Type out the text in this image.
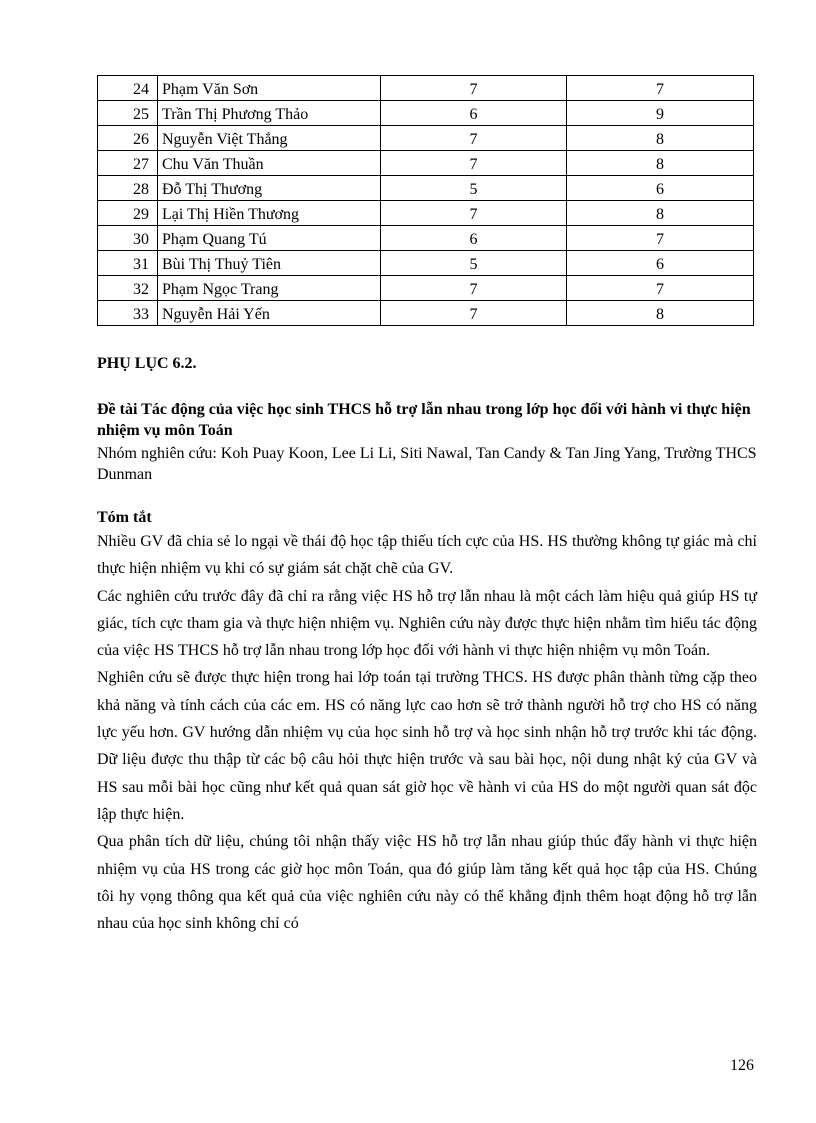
24	Phạm Văn Sơn	7	7
25	Trần Thị Phương Thảo	6	9
26	Nguyễn Việt Thắng	7	8
27	Chu Văn Thuần	7	8
28	Đỗ Thị Thương	5	6
29	Lại Thị Hiền Thương	7	8
30	Phạm Quang Tú	6	7
31	Bùi Thị Thuỷ Tiên	5	6
32	Phạm Ngọc Trang	7	7
33	Nguyễn Hải Yến	7	8
PHỤ LỤC 6.2.
Đề tài Tác động của việc học sinh THCS hỗ trợ lẫn nhau trong lớp học đối với hành vi thực hiện nhiệm vụ môn Toán
Nhóm nghiên cứu: Koh Puay Koon, Lee Li Li, Siti Nawal, Tan Candy & Tan Jing Yang, Trường THCS Dunman
Tóm tắt

Nhiều GV đã chia sẻ lo ngại về thái độ học tập thiếu tích cực của HS. HS thường không tự giác mà chỉ thực hiện nhiệm vụ khi có sự giám sát chặt chẽ của GV.

Các nghiên cứu trước đây đã chỉ ra rằng việc HS hỗ trợ lẫn nhau là một cách làm hiệu quả giúp HS tự giác, tích cực tham gia và thực hiện nhiệm vụ. Nghiên cứu này được thực hiện nhằm tìm hiểu tác động của việc HS THCS hỗ trợ lẫn nhau trong lớp học đối với hành vi thực hiện nhiệm vụ môn Toán.

Nghiên cứu sẽ được thực hiện trong hai lớp toán tại trường THCS. HS được phân thành từng cặp theo khả năng và tính cách của các em. HS có năng lực cao hơn sẽ trở thành người hỗ trợ cho HS có năng lực yếu hơn. GV hướng dẫn nhiệm vụ của học sinh hỗ trợ và học sinh nhận hỗ trợ trước khi tác động. Dữ liệu được thu thập từ các bộ câu hỏi thực hiện trước và sau bài học, nội dung nhật ký của GV và HS sau mỗi bài học cũng như kết quả quan sát giờ học về hành vi của HS do một người quan sát độc lập thực hiện.

Qua phân tích dữ liệu, chúng tôi nhận thấy việc HS hỗ trợ lẫn nhau giúp thúc đẩy hành vi thực hiện nhiệm vụ của HS trong các giờ học môn Toán, qua đó giúp làm tăng kết quả học tập của HS. Chúng tôi hy vọng thông qua kết quả của việc nghiên cứu này có thể khẳng định thêm hoạt động hỗ trợ lẫn nhau của học sinh không chỉ có

126
